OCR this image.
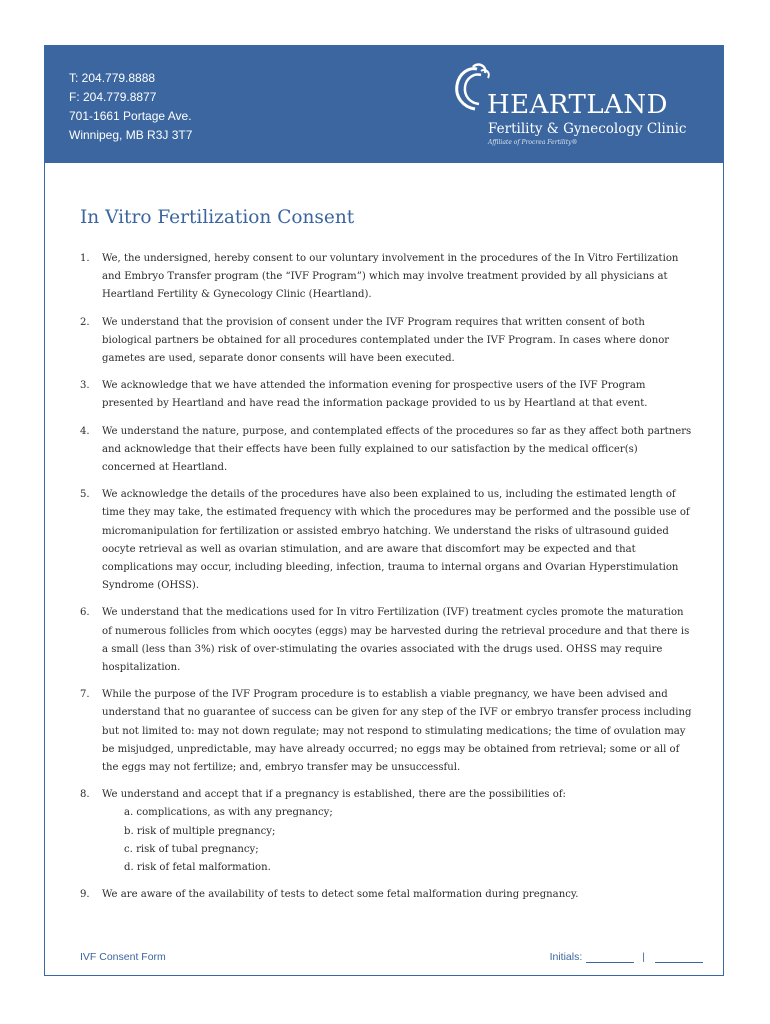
T: 204.779.8888
F: 204.779.8877
701-1661 Portage Ave.
Winnipeg, MB R3J 3T7
HEARTLAND
Fertility & Gynecology Clinic
Affiliate of Procrea Fertility®
In Vitro Fertilization Consent
1. We, the undersigned, hereby consent to our voluntary involvement in the procedures of the In Vitro Fertilization and Embryo Transfer program (the “IVF Program”) which may involve treatment provided by all physicians at Heartland Fertility & Gynecology Clinic (Heartland).
2. We understand that the provision of consent under the IVF Program requires that written consent of both biological partners be obtained for all procedures contemplated under the IVF Program. In cases where donor gametes are used, separate donor consents will have been executed.
3. We acknowledge that we have attended the information evening for prospective users of the IVF Program presented by Heartland and have read the information package provided to us by Heartland at that event.
4. We understand the nature, purpose, and contemplated effects of the procedures so far as they affect both partners and acknowledge that their effects have been fully explained to our satisfaction by the medical officer(s) concerned at Heartland.
5. We acknowledge the details of the procedures have also been explained to us, including the estimated length of time they may take, the estimated frequency with which the procedures may be performed and the possible use of micromanipulation for fertilization or assisted embryo hatching. We understand the risks of ultrasound guided oocyte retrieval as well as ovarian stimulation, and are aware that discomfort may be expected and that complications may occur, including bleeding, infection, trauma to internal organs and Ovarian Hyperstimulation Syndrome (OHSS).
6. We understand that the medications used for In vitro Fertilization (IVF) treatment cycles promote the maturation of numerous follicles from which oocytes (eggs) may be harvested during the retrieval procedure and that there is a small (less than 3%) risk of over-stimulating the ovaries associated with the drugs used. OHSS may require hospitalization.
7. While the purpose of the IVF Program procedure is to establish a viable pregnancy, we have been advised and understand that no guarantee of success can be given for any step of the IVF or embryo transfer process including but not limited to: may not down regulate; may not respond to stimulating medications; the time of ovulation may be misjudged, unpredictable, may have already occurred; no eggs may be obtained from retrieval; some or all of the eggs may not fertilize; and, embryo transfer may be unsuccessful.
8. We understand and accept that if a pregnancy is established, there are the possibilities of:
a. complications, as with any pregnancy;
b. risk of multiple pregnancy;
c. risk of tubal pregnancy;
d. risk of fetal malformation.
9. We are aware of the availability of tests to detect some fetal malformation during pregnancy.
IVF Consent Form	Initials:	|
